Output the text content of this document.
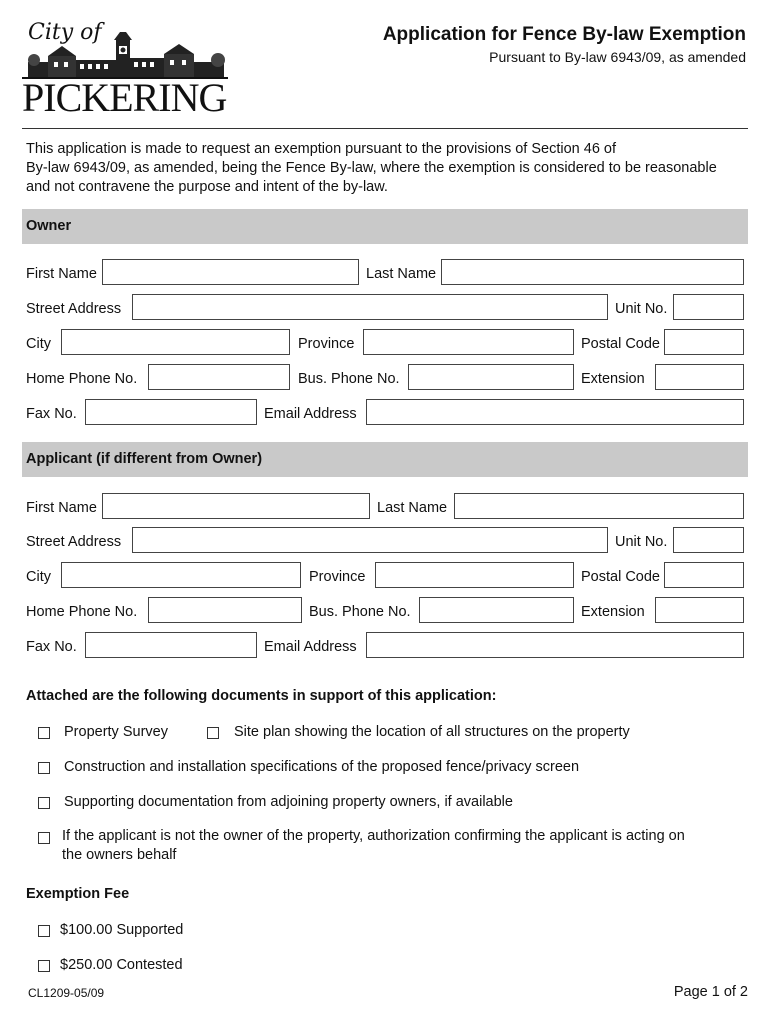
City of
PICKERING
Application for Fence By-law Exemption
Pursuant to By-law 6943/09, as amended
This application is made to request an exemption pursuant to the provisions of Section 46 of
By-law 6943/09, as amended, being the Fence By-law, where the exemption is considered to be reasonable
and not contravene the purpose and intent of the by-law.
Owner
First Name	Last Name
Street Address	Unit No.
City	Province	Postal Code
Home Phone No.	Bus. Phone No.	Extension
Fax No.	Email Address
Applicant (if different from Owner)
First Name	Last Name
Street Address	Unit No.
City	Province	Postal Code
Home Phone No.	Bus. Phone No.	Extension
Fax No.	Email Address
Attached are the following documents in support of this application:
Property Survey	Site plan showing the location of all structures on the property
Construction and installation specifications of the proposed fence/privacy screen
Supporting documentation from adjoining property owners, if available
If the applicant is not the owner of the property, authorization confirming the applicant is acting on
the owners behalf
Exemption Fee
$100.00 Supported
$250.00 Contested
CL1209-05/09	Page 1 of 2
